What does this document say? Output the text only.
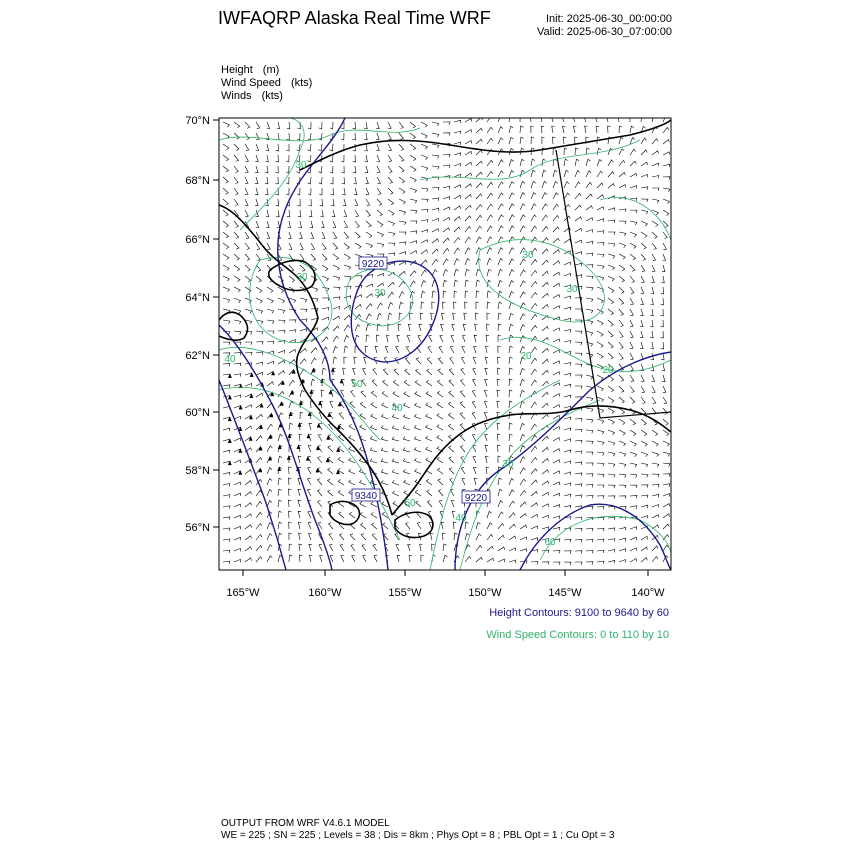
IWFAQRP Alaska Real Time WRF	Init: 2025-06-30_00:00:00
Valid: 2025-06-30_07:00:00
Height (m)
Wind Speed (kts)
Winds (kts)
9220
9340	9220
30
30
30
40	20
30
50
40
30
40
50
60
30
20
70°N
68°N
66°N
64°N
62°N
60°N
58°N
56°N
165°W	160°W	155°W	150°W	145°W	140°W
Height Contours: 9100 to 9640 by 60
Wind Speed Contours: 0 to 110 by 10
OUTPUT FROM WRF V4.6.1 MODEL
WE = 225 ; SN = 225 ; Levels = 38 ; Dis = 8km ; Phys Opt = 8 ; PBL Opt = 1 ; Cu Opt = 3
